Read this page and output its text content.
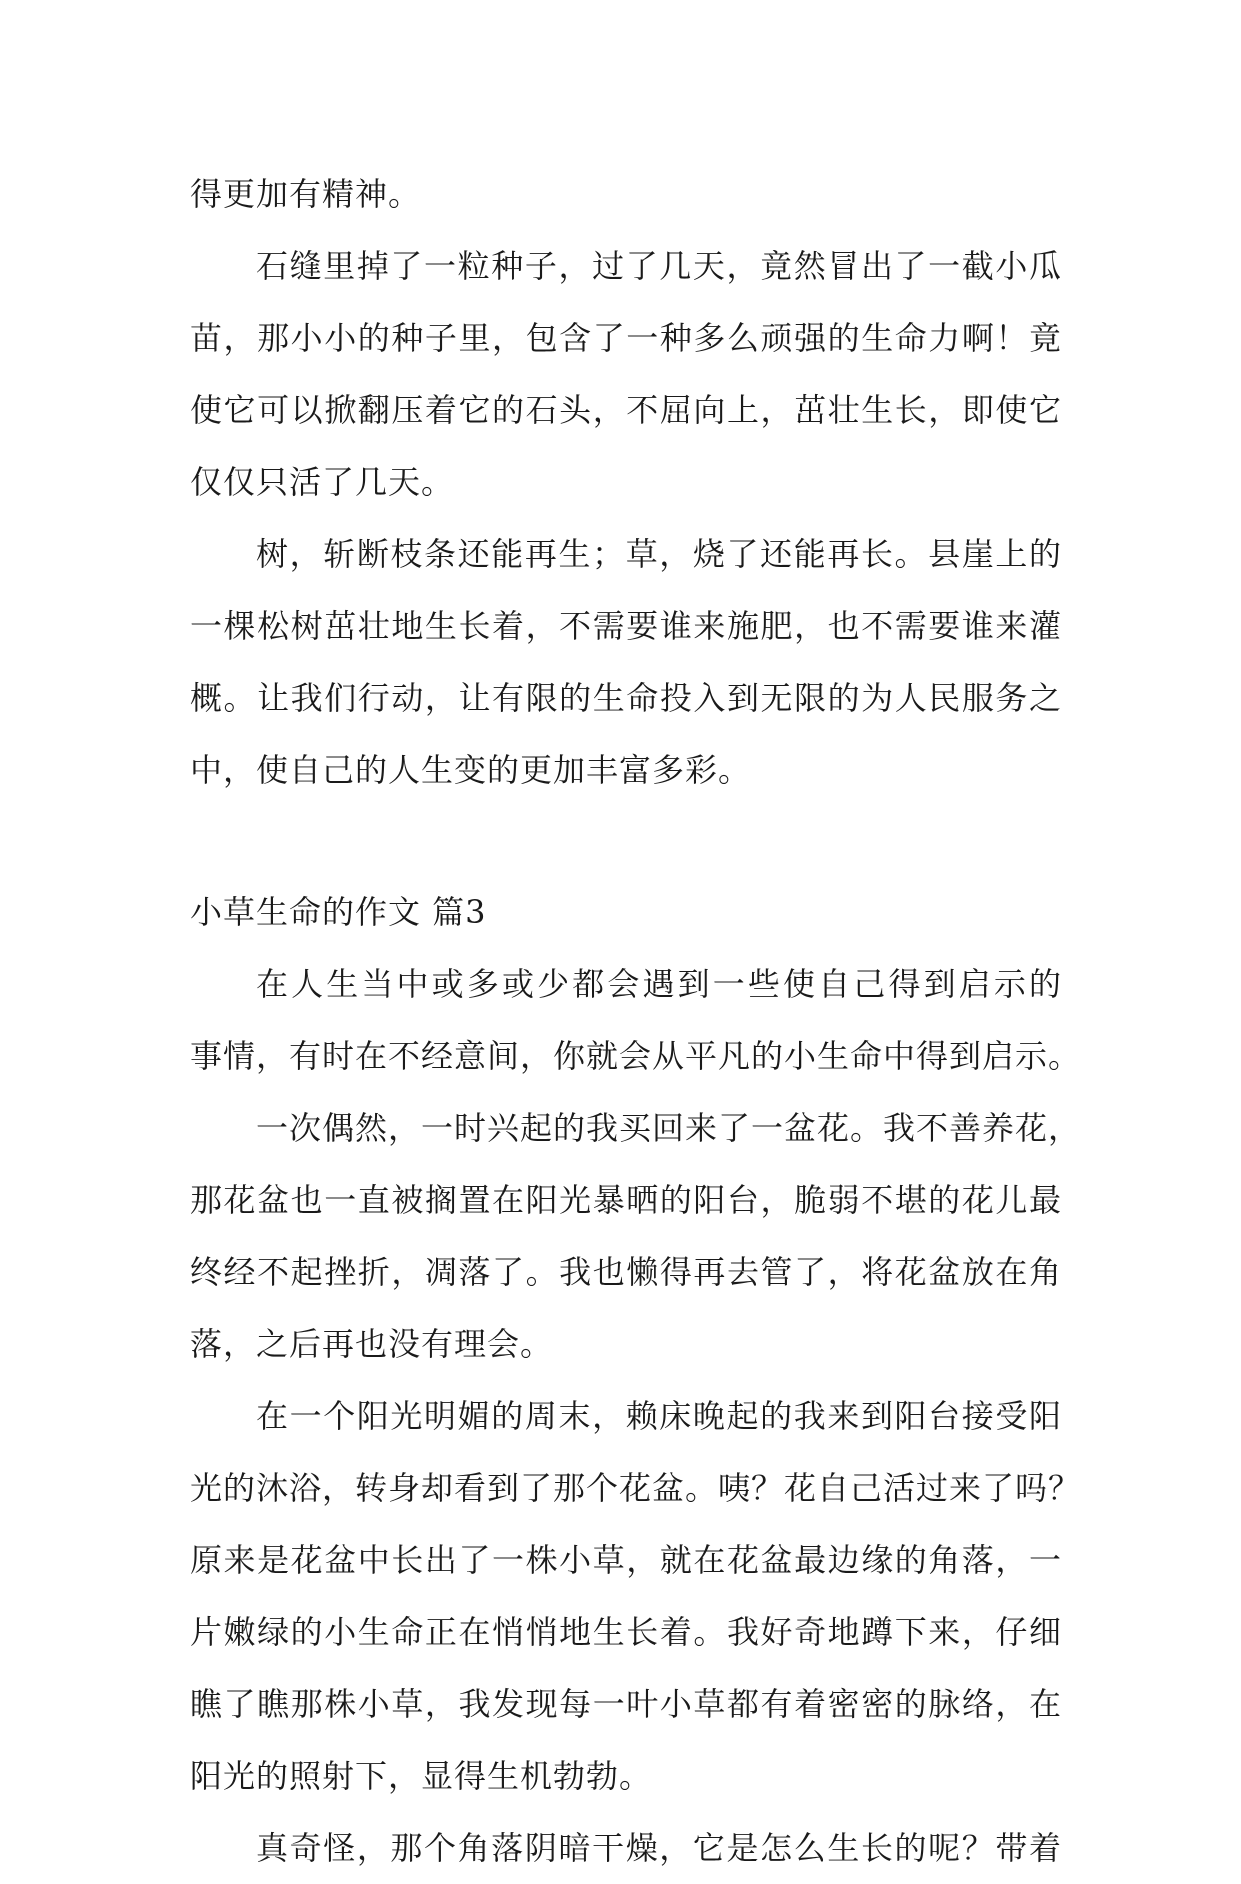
得更加有精神。
石缝里掉了一粒种子，过了几天，竟然冒出了一截小瓜
苗，那小小的种子里，包含了一种多么顽强的生命力啊！竟
使它可以掀翻压着它的石头，不屈向上，茁壮生长，即使它
仅仅只活了几天。
树，斩断枝条还能再生；草，烧了还能再长。县崖上的
一棵松树茁壮地生长着，不需要谁来施肥，也不需要谁来灌
概。让我们行动，让有限的生命投入到无限的为人民服务之
中，使自己的人生变的更加丰富多彩。
小草生命的作文 篇3
在人生当中或多或少都会遇到一些使自己得到启示的
事情，有时在不经意间，你就会从平凡的小生命中得到启示。
一次偶然，一时兴起的我买回来了一盆花。我不善养花，
那花盆也一直被搁置在阳光暴晒的阳台，脆弱不堪的花儿最
终经不起挫折，凋落了。我也懒得再去管了，将花盆放在角
落，之后再也没有理会。
在一个阳光明媚的周末，赖床晚起的我来到阳台接受阳
光的沐浴，转身却看到了那个花盆。咦？花自己活过来了吗？
原来是花盆中长出了一株小草，就在花盆最边缘的角落，一
片嫩绿的小生命正在悄悄地生长着。我好奇地蹲下来，仔细
瞧了瞧那株小草，我发现每一叶小草都有着密密的脉络，在
阳光的照射下，显得生机勃勃。
真奇怪，那个角落阴暗干燥，它是怎么生长的呢？带着
